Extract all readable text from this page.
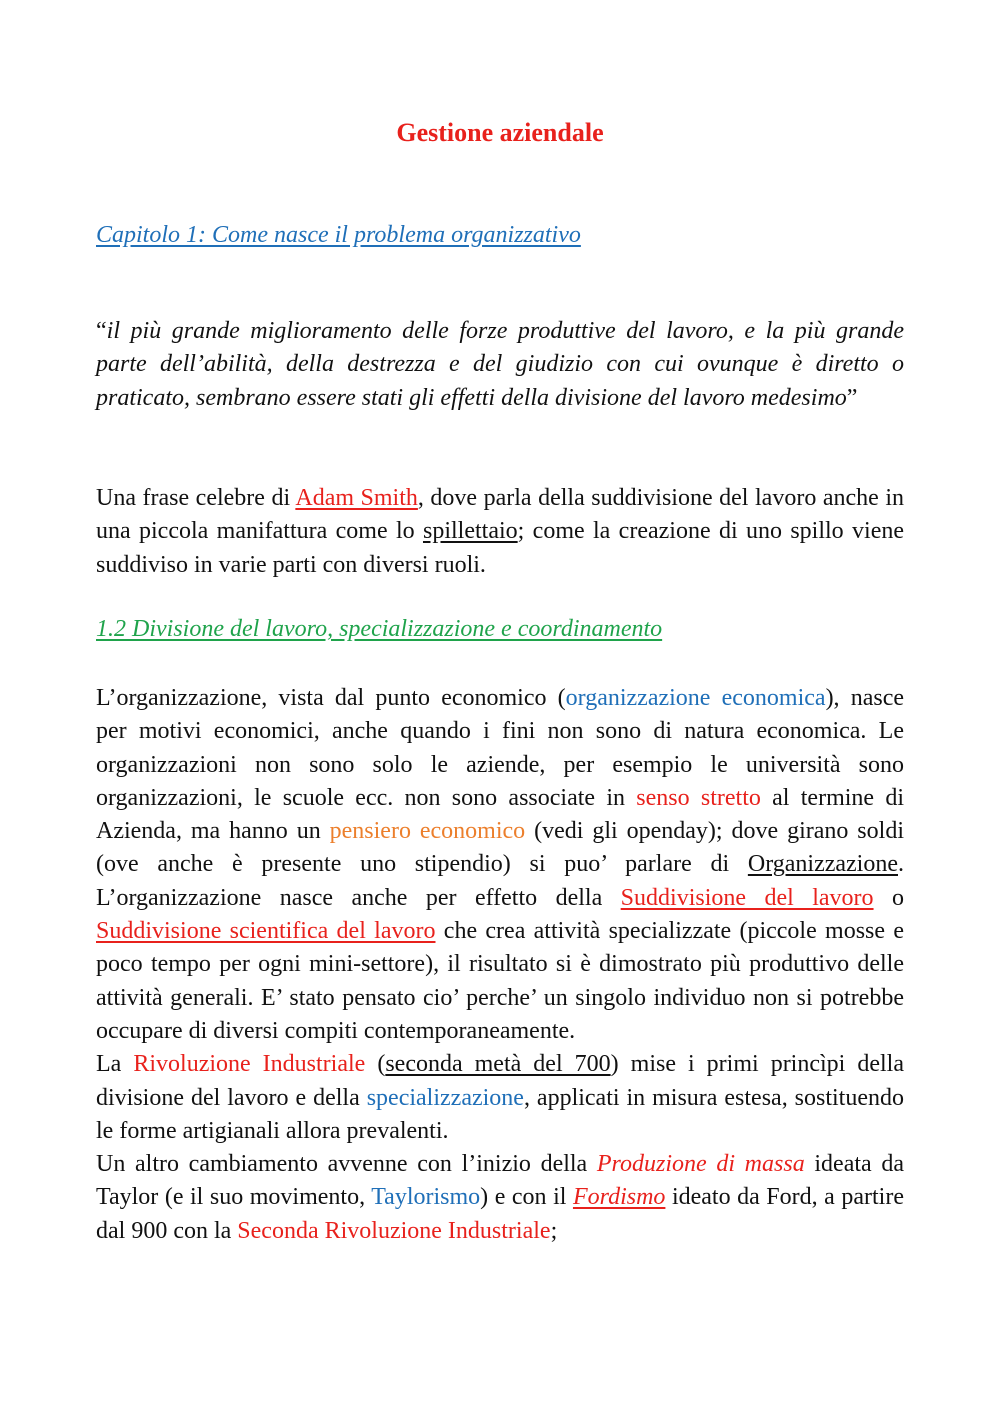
Gestione aziendale
Capitolo 1: Come nasce il problema organizzativo
“il più grande miglioramento delle forze produttive del lavoro, e la più grande parte dell’abilità, della destrezza e del giudizio con cui ovunque è diretto o praticato, sembrano essere stati gli effetti della divisione del lavoro medesimo”
Una frase celebre di Adam Smith, dove parla della suddivisione del lavoro anche in una piccola manifattura come lo spillettaio; come la creazione di uno spillo viene suddiviso in varie parti con diversi ruoli.
1.2 Divisione del lavoro, specializzazione e coordinamento
L’organizzazione, vista dal punto economico (organizzazione economica), nasce per motivi economici, anche quando i fini non sono di natura economica. Le organizzazioni non sono solo le aziende, per esempio le università sono organizzazioni, le scuole ecc. non sono associate in senso stretto al termine di Azienda, ma hanno un pensiero economico (vedi gli openday); dove girano soldi (ove anche è presente uno stipendio) si puo’ parlare di Organizzazione. L’organizzazione nasce anche per effetto della Suddivisione del lavoro o Suddivisione scientifica del lavoro che crea attività specializzate (piccole mosse e poco tempo per ogni mini-settore), il risultato si è dimostrato più produttivo delle attività generali. E’ stato pensato cio’ perche’ un singolo individuo non si potrebbe occupare di diversi compiti contemporaneamente.
La Rivoluzione Industriale (seconda metà del 700) mise i primi princìpi della divisione del lavoro e della specializzazione, applicati in misura estesa, sostituendo le forme artigianali allora prevalenti.
Un altro cambiamento avvenne con l’inizio della Produzione di massa ideata da Taylor (e il suo movimento, Taylorismo) e con il Fordismo ideato da Ford, a partire dal 900 con la Seconda Rivoluzione Industriale;
